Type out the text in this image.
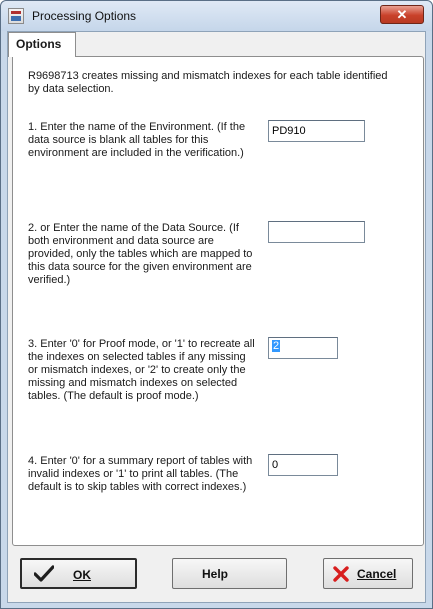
Processing Options	✕
Options
R9698713 creates missing and mismatch indexes for each table identified by data selection.
1. Enter the name of the Environment. (If the data source is blank all tables for this environment are included in the verification.)
PD910
2. or Enter the name of the Data Source. (If both environment and data source are provided, only the tables which are mapped to this data source for the given environment are verified.)
3. Enter '0' for Proof mode, or '1' to recreate all the indexes on selected tables if any missing or mismatch indexes, or '2' to create only the missing and mismatch indexes on selected tables. (The default is proof mode.)
2
4. Enter '0' for a summary report of tables with invalid indexes or '1' to print all tables. (The default is to skip tables with correct indexes.)
0
OK	Help	Cancel
